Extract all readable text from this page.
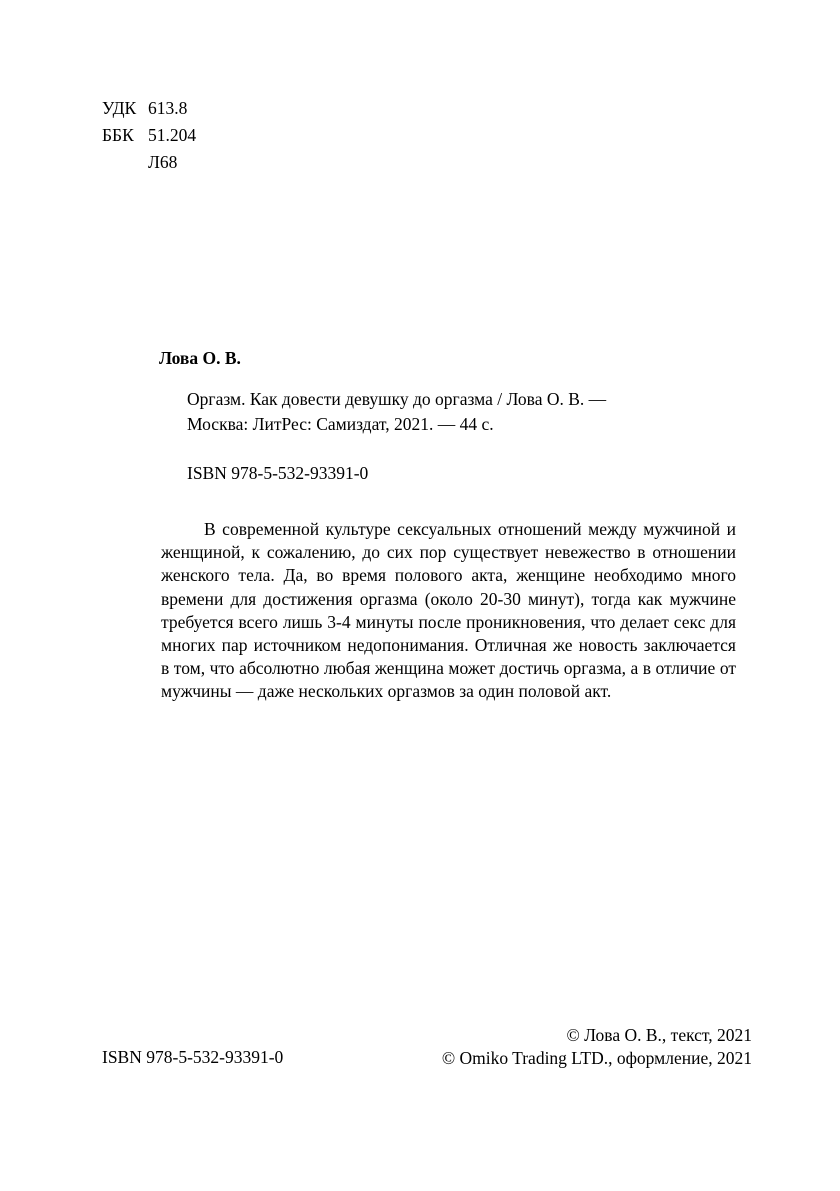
УДК 613.8
ББК 51.204
Л68
Лова О. В.
Оргазм. Как довести девушку до оргазма / Лова О. В. —
Москва: ЛитРес: Самиздат, 2021. — 44 с.
ISBN 978-5-532-93391-0

В современной культуре сексуальных отношений между мужчиной и женщиной, к сожалению, до сих пор существует невежество в отношении женского тела. Да, во время полового акта, женщине необходимо много времени для достижения оргазма (около 20-30 минут), тогда как мужчине требуется всего лишь 3-4 минуты после проникновения, что делает секс для многих пар источником недопонимания. Отличная же новость заключается в том, что абсолютно любая женщина может достичь оргазма, а в отличие от мужчины — даже нескольких оргазмов за один половой акт.

ISBN 978-5-532-93391-0
© Лова О. В., текст, 2021
© Omiko Trading LTD., оформление, 2021
